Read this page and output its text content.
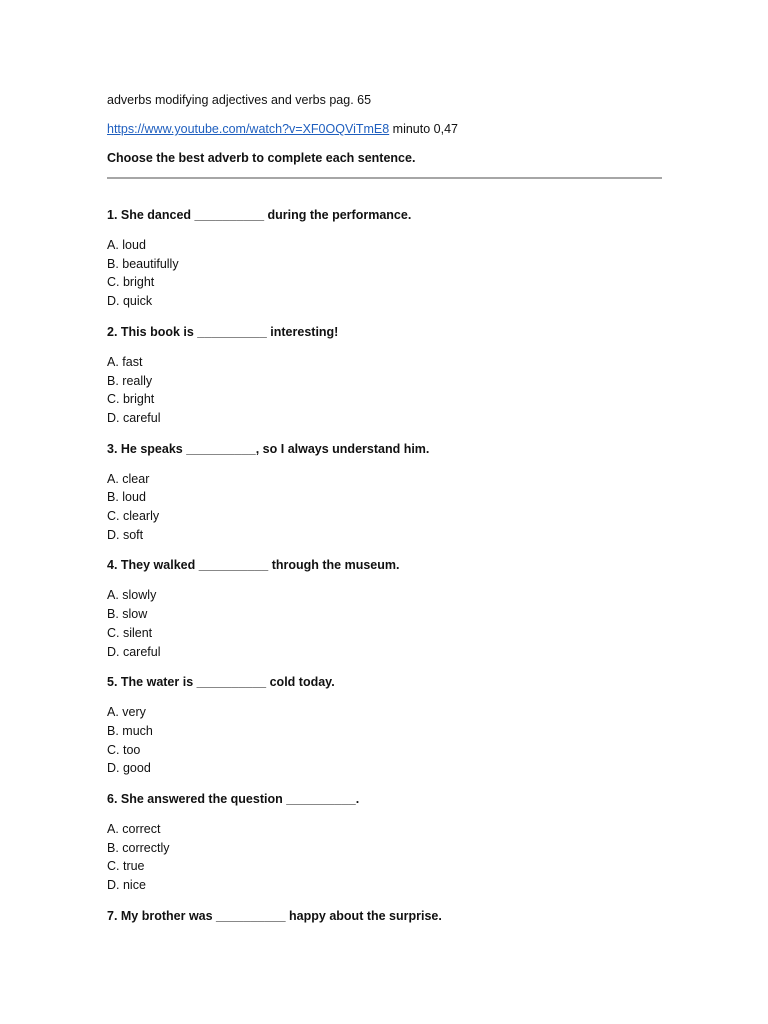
adverbs modifying adjectives and verbs pag. 65
https://www.youtube.com/watch?v=XF0OQViTmE8 minuto 0,47
Choose the best adverb to complete each sentence.
1. She danced __________ during the performance.
A. loud
B. beautifully
C. bright
D. quick
2. This book is __________ interesting!
A. fast
B. really
C. bright
D. careful
3. He speaks __________, so I always understand him.
A. clear
B. loud
C. clearly
D. soft
4. They walked __________ through the museum.
A. slowly
B. slow
C. silent
D. careful
5. The water is __________ cold today.
A. very
B. much
C. too
D. good
6. She answered the question __________.
A. correct
B. correctly
C. true
D. nice
7. My brother was __________ happy about the surprise.
